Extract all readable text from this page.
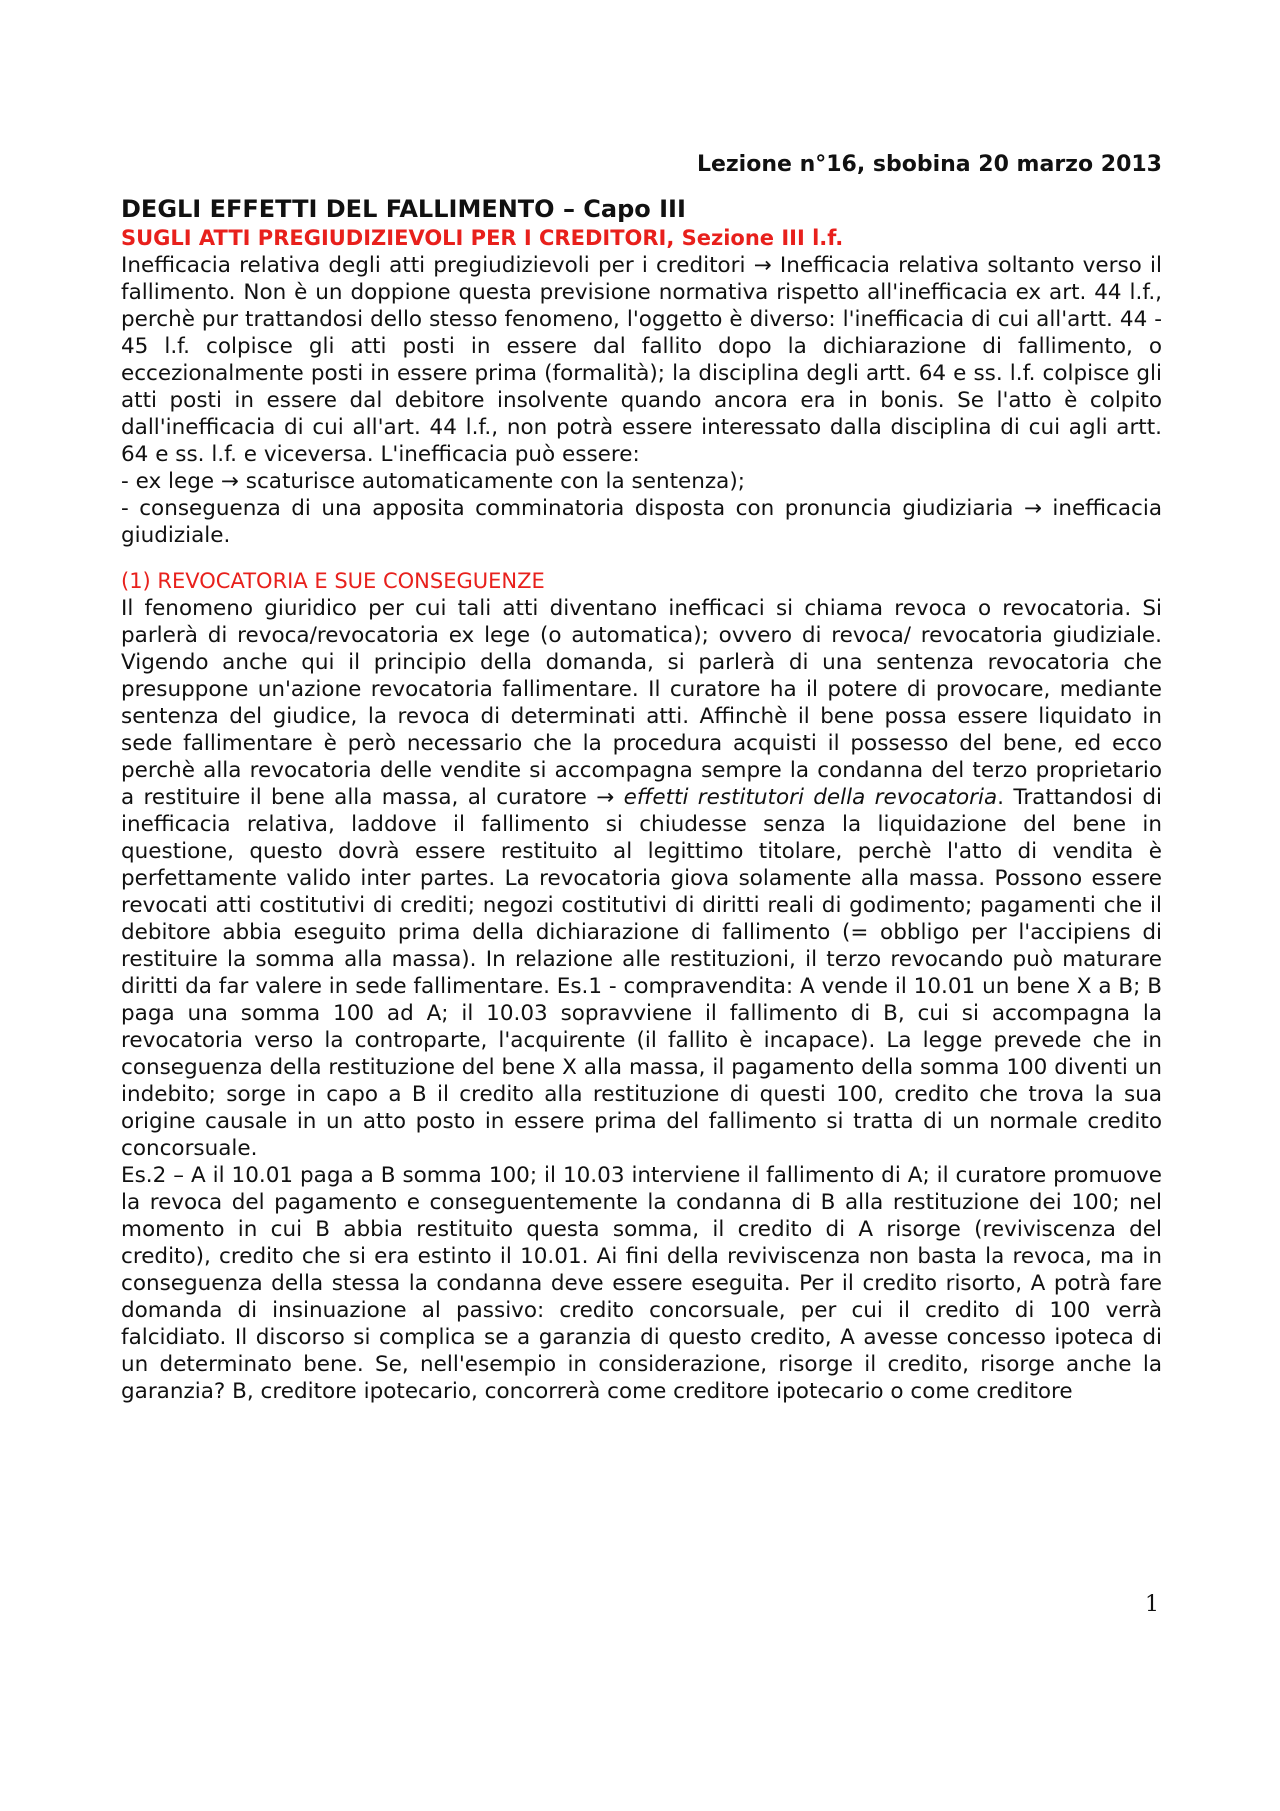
Lezione n°16, sbobina 20 marzo 2013

DEGLI EFFETTI DEL FALLIMENTO – Capo III
SUGLI ATTI PREGIUDIZIEVOLI PER I CREDITORI, Sezione III l.f.

Inefficacia relativa degli atti pregiudizievoli per i creditori → Inefficacia relativa soltanto verso il fallimento. Non è un doppione questa previsione normativa rispetto all'inefficacia ex art. 44 l.f., perchè pur trattandosi dello stesso fenomeno, l'oggetto è diverso: l'inefficacia di cui all'artt. 44 - 45 l.f. colpisce gli atti posti in essere dal fallito dopo la dichiarazione di fallimento, o eccezionalmente posti in essere prima (formalità); la disciplina degli artt. 64 e ss. l.f. colpisce gli atti posti in essere dal debitore insolvente quando ancora era in bonis. Se l'atto è colpito dall'inefficacia di cui all'art. 44 l.f., non potrà essere interessato dalla disciplina di cui agli artt. 64 e ss. l.f. e viceversa. L'inefficacia può essere:

- ex lege → scaturisce automaticamente con la sentenza);

- conseguenza di una apposita comminatoria disposta con pronuncia giudiziaria → inefficacia giudiziale.

(1) REVOCATORIA E SUE CONSEGUENZE

Il fenomeno giuridico per cui tali atti diventano inefficaci si chiama revoca o revocatoria. Si parlerà di revoca/revocatoria ex lege (o automatica); ovvero di revoca/ revocatoria giudiziale. Vigendo anche qui il principio della domanda, si parlerà di una sentenza revocatoria che presuppone un'azione revocatoria fallimentare. Il curatore ha il potere di provocare, mediante sentenza del giudice, la revoca di determinati atti. Affinchè il bene possa essere liquidato in sede fallimentare è però necessario che la procedura acquisti il possesso del bene, ed ecco perchè alla revocatoria delle vendite si accompagna sempre la condanna del terzo proprietario a restituire il bene alla massa, al curatore → effetti restitutori della revocatoria. Trattandosi di inefficacia relativa, laddove il fallimento si chiudesse senza la liquidazione del bene in questione, questo dovrà essere restituito al legittimo titolare, perchè l'atto di vendita è perfettamente valido inter partes. La revocatoria giova solamente alla massa. Possono essere revocati atti costitutivi di crediti; negozi costitutivi di diritti reali di godimento; pagamenti che il debitore abbia eseguito prima della dichiarazione di fallimento (= obbligo per l'accipiens di restituire la somma alla massa). In relazione alle restituzioni, il terzo revocando può maturare diritti da far valere in sede fallimentare. Es.1 - compravendita: A vende il 10.01 un bene X a B; B paga una somma 100 ad A; il 10.03 sopravviene il fallimento di B, cui si accompagna la revocatoria verso la controparte, l'acquirente (il fallito è incapace). La legge prevede che in conseguenza della restituzione del bene X alla massa, il pagamento della somma 100 diventi un indebito; sorge in capo a B il credito alla restituzione di questi 100, credito che trova la sua origine causale in un atto posto in essere prima del fallimento si tratta di un normale credito concorsuale.

Es.2 – A il 10.01 paga a B somma 100; il 10.03 interviene il fallimento di A; il curatore promuove la revoca del pagamento e conseguentemente la condanna di B alla restituzione dei 100; nel momento in cui B abbia restituito questa somma, il credito di A risorge (reviviscenza del credito), credito che si era estinto il 10.01. Ai fini della reviviscenza non basta la revoca, ma in conseguenza della stessa la condanna deve essere eseguita. Per il credito risorto, A potrà fare domanda di insinuazione al passivo: credito concorsuale, per cui il credito di 100 verrà falcidiato. Il discorso si complica se a garanzia di questo credito, A avesse concesso ipoteca di un determinato bene. Se, nell'esempio in considerazione, risorge il credito, risorge anche la garanzia? B, creditore ipotecario, concorrerà come creditore ipotecario o come creditore

1
